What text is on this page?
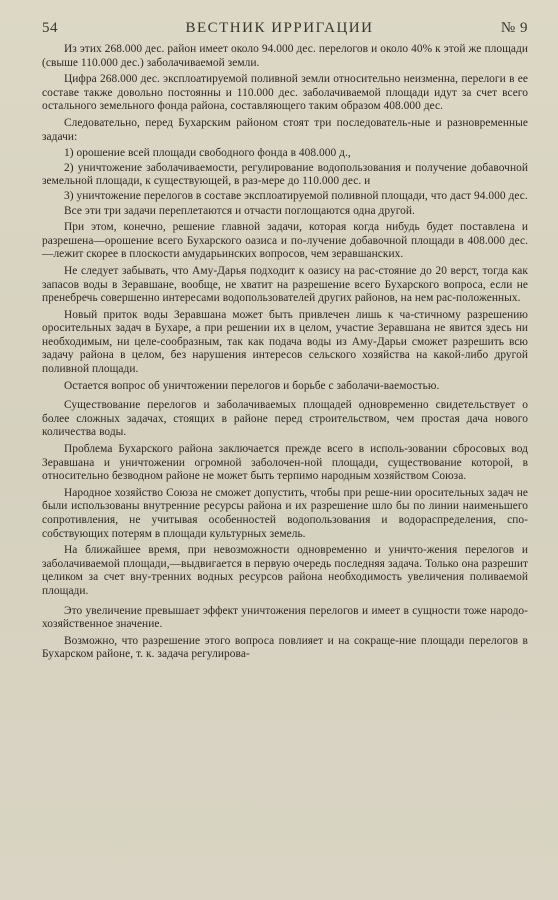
54	ВЕСТНИК ИРРИГАЦИИ	№ 9

Из этих 268.000 дес. район имеет около 94.000 дес. перелогов и около 40% к этой же площади (свыше 110.000 дес.) заболачиваемой земли.

Цифра 268.000 дес. эксплоатируемой поливной земли относительно неизменна, перелоги в ее составе также довольно постоянны и 110.000 дес. заболачиваемой площади идут за счет всего остального земельного фонда района, составляющего таким образом 408.000 дес.

Следовательно, перед Бухарским районом стоят три последователь-ные и разновременные задачи:

1) орошение всей площади свободного фонда в 408.000 д.,

2) уничтожение заболачиваемости, регулирование водопользования и получение добавочной земельной площади, к существующей, в раз-мере до 110.000 дес. и

3) уничтожение перелогов в составе эксплоатируемой поливной площади, что даст 94.000 дес.

Все эти три задачи переплетаются и отчасти поглощаются одна другой.

При этом, конечно, решение главной задачи, которая когда нибудь будет поставлена и разрешена—орошение всего Бухарского оазиса и по-лучение добавочной площади в 408.000 дес.—лежит скорее в плоскости амударьинских вопросов, чем зеравшанских.

Не следует забывать, что Аму-Дарья подходит к оазису на рас-стояние до 20 верст, тогда как запасов воды в Зеравшане, вообще, не хватит на разрешение всего Бухарского вопроса, если не пренебречь совершенно интересами водопользователей других районов, на нем рас-положенных.

Новый приток воды Зеравшана может быть привлечен лишь к ча-стичному разрешению оросительных задач в Бухаре, а при решении их в целом, участие Зеравшана не явится здесь ни необходимым, ни целе-сообразным, так как подача воды из Аму-Дарьи сможет разрешить всю задачу района в целом, без нарушения интересов сельского хозяйства на какой-либо другой поливной площади.

Остается вопрос об уничтожении перелогов и борьбе с заболачи-ваемостью.

Существование перелогов и заболачиваемых площадей одновременно свидетельствует о более сложных задачах, стоящих в районе перед строительством, чем простая дача нового количества воды.

Проблема Бухарского района заключается прежде всего в исполь-зовании сбросовых вод Зеравшана и уничтожении огромной заболочен-ной площади, существование которой, в относительно безводном районе не может быть терпимо народным хозяйством Союза.

Народное хозяйство Союза не сможет допустить, чтобы при реше-нии оросительных задач не были использованы внутренние ресурсы района и их разрешение шло бы по линии наименьшего сопротивления, не учитывая особенностей водопользования и водораспределения, спо-собствующих потерям в площади культурных земель.

На ближайшее время, при невозможности одновременно и уничто-жения перелогов и заболачиваемой площади,—выдвигается в первую очередь последняя задача. Только она разрешит целиком за счет вну-тренних водных ресурсов района необходимость увеличения поливаемой площади.

Это увеличение превышает эффект уничтожения перелогов и имеет в сущности тоже народо-хозяйственное значение.

Возможно, что разрешение этого вопроса повлияет и на сокраще-ние площади перелогов в Бухарском районе, т. к. задача регулирова-
